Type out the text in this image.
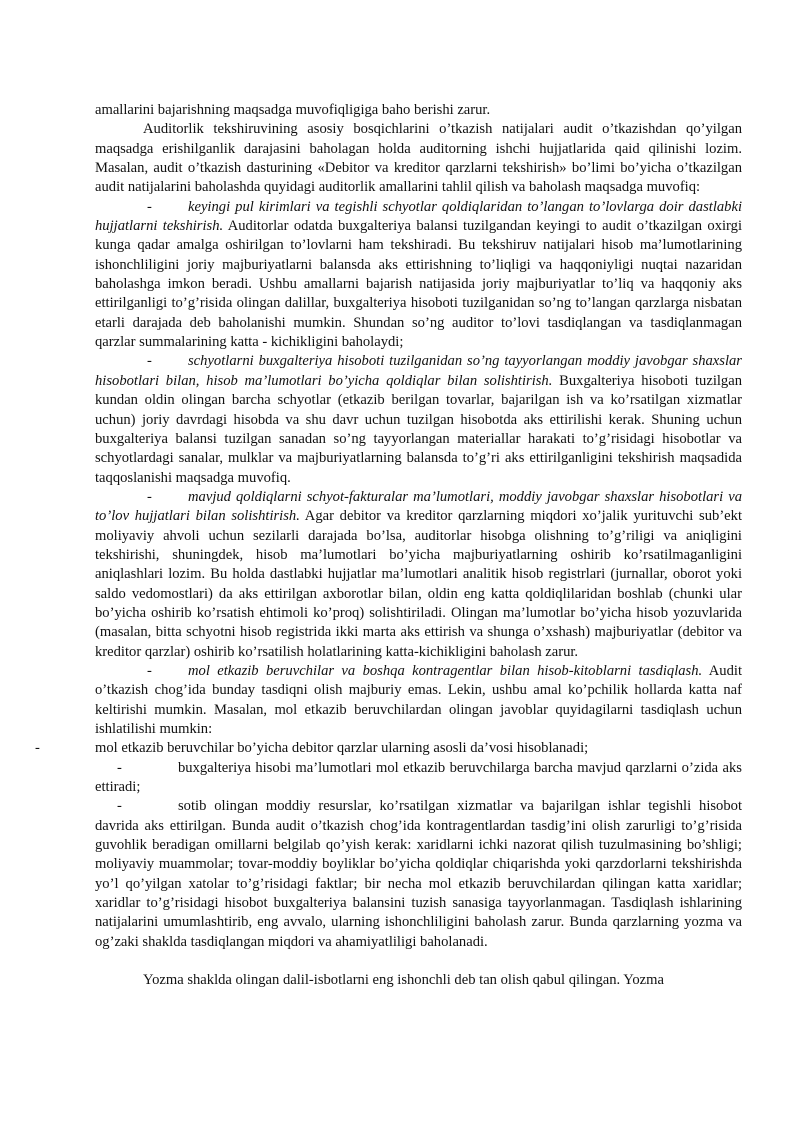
amallarini bajarishning maqsadga muvofiqligiga baho berishi zarur.

Auditorlik tekshiruvining asosiy bosqichlarini o’tkazish natijalari audit o’tkazishdan qo’yilgan maqsadga erishilganlik darajasini baholagan holda auditorning ishchi hujjatlarida qaid qilinishi lozim. Masalan, audit o’tkazish dasturining «Debitor va kreditor qarzlarni tekshirish» bo’limi bo’yicha o’tkazilgan audit natijalarini baholashda quyidagi auditorlik amallarini tahlil qilish va baholash maqsadga muvofiq:

- keyingi pul kirimlari va tegishli schyotlar qoldiqlaridan to’langan to’lovlarga doir dastlabki hujjatlarni tekshirish. Auditorlar odatda buxgalteriya balansi tuzilgandan keyingi to audit o’tkazilgan oxirgi kunga qadar amalga oshirilgan to’lovlarni ham tekshiradi. Bu tekshiruv natijalari hisob ma’lumotlarining ishonchliligini joriy majburiyatlarni balansda aks ettirishning to’liqligi va haqqoniyligi nuqtai nazaridan baholashga imkon beradi. Ushbu amallarni bajarish natijasida joriy majburiyatlar to’liq va haqqoniy aks ettirilganligi to’g’risida olingan dalillar, buxgalteriya hisoboti tuzilganidan so’ng to’langan qarzlarga nisbatan etarli darajada deb baholanishi mumkin. Shundan so’ng auditor to’lovi tasdiqlangan va tasdiqlanmagan qarzlar summalarining katta - kichikligini baholaydi;

- schyotlarni buxgalteriya hisoboti tuzilganidan so’ng tayyorlangan moddiy javobgar shaxslar hisobotlari bilan, hisob ma’lumotlari bo’yicha qoldiqlar bilan solishtirish. Buxgalteriya hisoboti tuzilgan kundan oldin olingan barcha schyotlar (etkazib berilgan tovarlar, bajarilgan ish va ko’rsatilgan xizmatlar uchun) joriy davrdagi hisobda va shu davr uchun tuzilgan hisobotda aks ettirilishi kerak. Shuning uchun buxgalteriya balansi tuzilgan sanadan so’ng tayyorlangan materiallar harakati to’g’risidagi hisobotlar va schyotlardagi sanalar, mulklar va majburiyatlarning balansda to’g’ri aks ettirilganligini tekshirish maqsadida taqqoslanishi maqsadga muvofiq.

- mavjud qoldiqlarni schyot-fakturalar ma’lumotlari, moddiy javobgar shaxslar hisobotlari va to’lov hujjatlari bilan solishtirish. Agar debitor va kreditor qarzlarning miqdori xo’jalik yurituvchi sub’ekt moliyaviy ahvoli uchun sezilarli darajada bo’lsa, auditorlar hisobga olishning to’g’riligi va aniqligini tekshirishi, shuningdek, hisob ma’lumotlari bo’yicha majburiyatlarning oshirib ko’rsatilmaganligini aniqlashlari lozim. Bu holda dastlabki hujjatlar ma’lumotlari analitik hisob registrlari (jurnallar, oborot yoki saldo vedomostlari) da aks ettirilgan axborotlar bilan, oldin eng katta qoldiqlilaridan boshlab (chunki ular bo’yicha oshirib ko’rsatish ehtimoli ko’proq) solishtiriladi. Olingan ma’lumotlar bo’yicha hisob yozuvlarida (masalan, bitta schyotni hisob registrida ikki marta aks ettirish va shunga o’xshash) majburiyatlar (debitor va kreditor qarzlar) oshirib ko’rsatilish holatlarining katta-kichikligini baholash zarur.

- mol etkazib beruvchilar va boshqa kontragentlar bilan hisob-kitoblarni tasdiqlash. Audit o’tkazish chog’ida bunday tasdiqni olish majburiy emas. Lekin, ushbu amal ko’pchilik hollarda katta naf keltirishi mumkin. Masalan, mol etkazib beruvchilardan olingan javoblar quyidagilarni tasdiqlash uchun ishlatilishi mumkin:

-	mol etkazib beruvchilar bo’yicha debitor qarzlar ularning asosli da’vosi hisoblanadi;

-	buxgalteriya hisobi ma’lumotlari mol etkazib beruvchilarga barcha mavjud qarzlarni o’zida aks ettiradi;

-	sotib olingan moddiy resurslar, ko’rsatilgan xizmatlar va bajarilgan ishlar tegishli hisobot davrida aks ettirilgan. Bunda audit o’tkazish chog’ida kontragentlardan tasdig’ini olish zarurligi to’g’risida guvohlik beradigan omillarni belgilab qo’yish kerak: xaridlarni ichki nazorat qilish tuzulmasining bo’shligi; moliyaviy muammolar; tovar-moddiy boyliklar bo’yicha qoldiqlar chiqarishda yoki qarzdorlarni tekshirishda yo’l qo’yilgan xatolar to’g’risidagi faktlar; bir necha mol etkazib beruvchilardan qilingan katta xaridlar; xaridlar to’g’risidagi hisobot buxgalteriya balansini tuzish sanasiga tayyorlanmagan. Tasdiqlash ishlarining natijalarini umumlashtirib, eng avvalo, ularning ishonchliligini baholash zarur. Bunda qarzlarning yozma va og’zaki shaklda tasdiqlangan miqdori va ahamiyatliligi baholanadi.

Yozma shaklda olingan dalil-isbotlarni eng ishonchli deb tan olish qabul qilingan. Yozma
